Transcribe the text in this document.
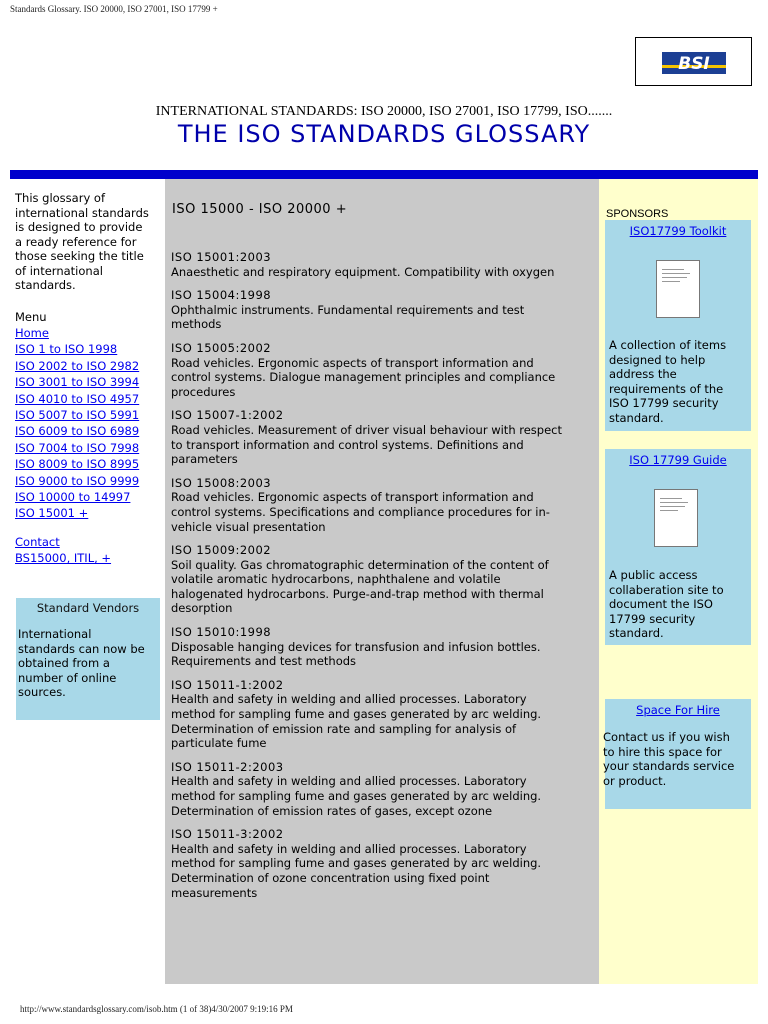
Standards Glossary. ISO 20000, ISO 27001, ISO 17799 +
BSI
INTERNATIONAL STANDARDS: ISO 20000, ISO 27001, ISO 17799, ISO.......
THE ISO STANDARDS GLOSSARY
This glossary of
international standards
is designed to provide
a ready reference for
those seeking the title
of international
standards.
Menu
Home
ISO 1 to ISO 1998
ISO 2002 to ISO 2982
ISO 3001 to ISO 3994
ISO 4010 to ISO 4957
ISO 5007 to ISO 5991
ISO 6009 to ISO 6989
ISO 7004 to ISO 7998
ISO 8009 to ISO 8995
ISO 9000 to ISO 9999
ISO 10000 to 14997
ISO 15001 +
Contact
BS15000, ITIL, +
Standard Vendors
International
standards can now be
obtained from a
number of online
sources.
ISO 15000 - ISO 20000 +
ISO 15001:2003
Anaesthetic and respiratory equipment. Compatibility with oxygen
ISO 15004:1998
Ophthalmic instruments. Fundamental requirements and test
methods
ISO 15005:2002
Road vehicles. Ergonomic aspects of transport information and
control systems. Dialogue management principles and compliance
procedures
ISO 15007-1:2002
Road vehicles. Measurement of driver visual behaviour with respect
to transport information and control systems. Definitions and
parameters
ISO 15008:2003
Road vehicles. Ergonomic aspects of transport information and
control systems. Specifications and compliance procedures for in-
vehicle visual presentation
ISO 15009:2002
Soil quality. Gas chromatographic determination of the content of
volatile aromatic hydrocarbons, naphthalene and volatile
halogenated hydrocarbons. Purge-and-trap method with thermal
desorption
ISO 15010:1998
Disposable hanging devices for transfusion and infusion bottles.
Requirements and test methods
ISO 15011-1:2002
Health and safety in welding and allied processes. Laboratory
method for sampling fume and gases generated by arc welding.
Determination of emission rate and sampling for analysis of
particulate fume
ISO 15011-2:2003
Health and safety in welding and allied processes. Laboratory
method for sampling fume and gases generated by arc welding.
Determination of emission rates of gases, except ozone
ISO 15011-3:2002
Health and safety in welding and allied processes. Laboratory
method for sampling fume and gases generated by arc welding.
Determination of ozone concentration using fixed point
measurements
SPONSORS
ISO17799 Toolkit
A collection of items
designed to help
address the
requirements of the
ISO 17799 security
standard.
ISO 17799 Guide
A public access
collaberation site to
document the ISO
17799 security
standard.
Space For Hire
Contact us if you wish
to hire this space for
your standards service
or product.
http://www.standardsglossary.com/isob.htm (1 of 38)4/30/2007 9:19:16 PM
